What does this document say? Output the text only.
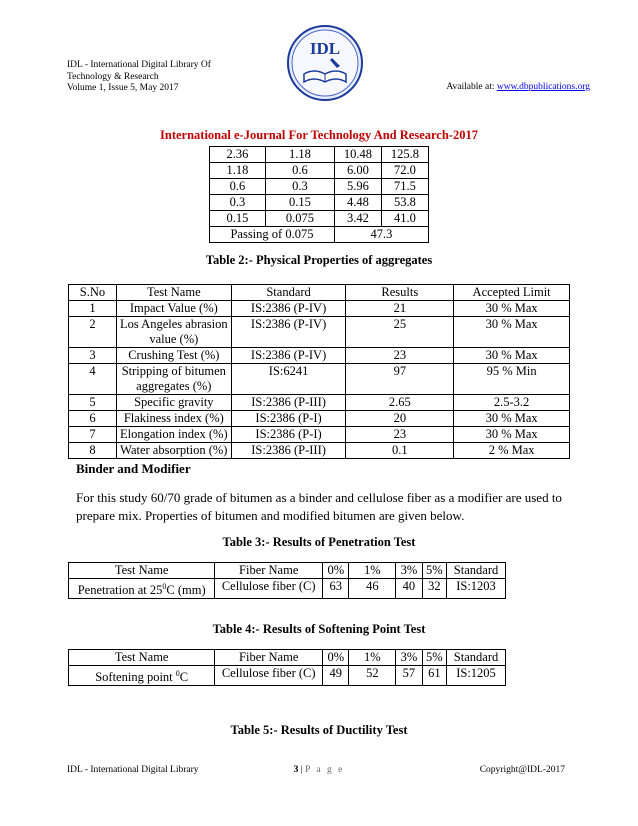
IDL - International Digital Library Of
Technology & Research
Volume 1, Issue 5, May 2017
IDL
Available at: www.dbpublications.org
International e-Journal For Technology And Research-2017
2.36	1.18	10.48	125.8
1.18	0.6	6.00	72.0
0.6	0.3	5.96	71.5
0.3	0.15	4.48	53.8
0.15	0.075	3.42	41.0
Passing of 0.075		47.3	
Table 2:- Physical Properties of aggregates
S.No	Test Name	Standard	Results	Accepted Limit
1	Impact Value (%)	IS:2386 (P-IV)	21	30 % Max
2	Los Angeles abrasion value (%)	IS:2386 (P-IV)	25	30 % Max
3	Crushing Test (%)	IS:2386 (P-IV)	23	30 % Max
4	Stripping of bitumen aggregates (%)	IS:6241	97	95 % Min
5	Specific gravity	IS:2386 (P-III)	2.65	2.5-3.2
6	Flakiness index (%)	IS:2386 (P-I)	20	30 % Max
7	Elongation index (%)	IS:2386 (P-I)	23	30 % Max
8	Water absorption (%)	IS:2386 (P-III)	0.1	2 % Max
Binder and Modifier
For this study 60/70 grade of bitumen as a binder and cellulose fiber as a modifier are used to prepare mix. Properties of bitumen and modified bitumen are given below.
Table 3:- Results of Penetration Test
Test Name	Fiber Name	0%	1%	3%	5%	Standard
Penetration at $25^0C$ (mm)	Cellulose fiber (C)	63	46	40	32	IS:1203
Table 4:- Results of Softening Point Test
Test Name	Fiber Name	0%	1%	3%	5%	Standard
Softening point $^0$C	Cellulose fiber (C)	49	52	57	61	IS:1205
Table 5:- Results of Ductility Test
IDL - International Digital Library	3 | P a g e	Copyright@IDL-2017
